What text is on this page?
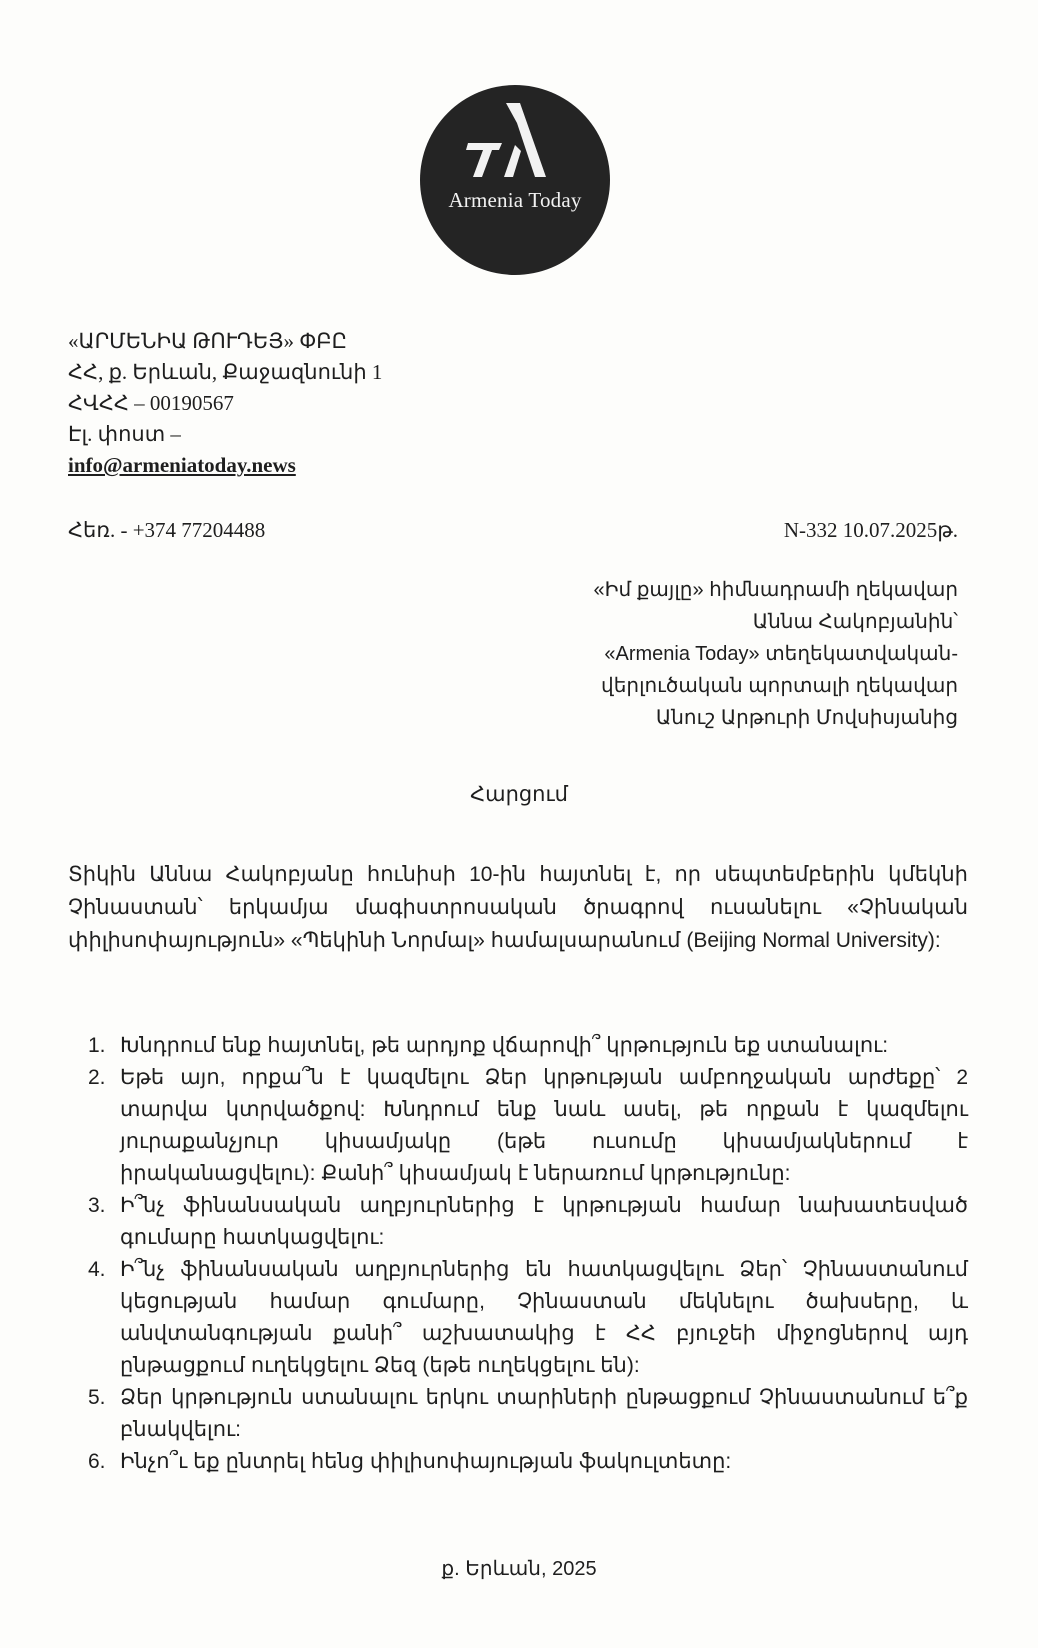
Armenia Today
«ԱՐՄԵՆԻԱ ԹՈՒԴԵՅ» ՓԲԸ
ՀՀ, ք. Երևան, Քաջազնունի 1
ՀՎՀՀ – 00190567
Էլ. փոստ –
info@armeniatoday.news
Հեռ. - +374 77204488	N-332 10.07.2025թ.
«Իմ քայլը» հիմնադրամի ղեկավար
Աննա Հակոբյանին՝
«Armenia Today» տեղեկատվական-
վերլուծական պորտալի ղեկավար
Անուշ Արթուրի Մովսիսյանից
Հարցում
Տիկին Աննա Հակոբյանը հունիսի 10-ին հայտնել է, որ սեպտեմբերին կմեկնի Չինաստան՝ երկամյա մագիստրոսական ծրագրով ուսանելու «Չինական փիլիսոփայություն» «Պեկինի Նորմալ» համալսարանում (Beijing Normal University):
1. Խնդրում ենք հայտնել, թե արդյոք վճարովի՞ կրթություն եք ստանալու:
2. Եթե այո, որքա՞ն է կազմելու Ձեր կրթության ամբողջական արժեքը՝ 2 տարվա կտրվածքով: Խնդրում ենք նաև ասել, թե որքան է կազմելու յուրաքանչյուր կիսամյակը (եթե ուսումը կիսամյակներում է իրականացվելու): Քանի՞ կիսամյակ է ներառում կրթությունը:
3. Ի՞նչ ֆինանսական աղբյուրներից է կրթության համար նախատեսված գումարը հատկացվելու:
4. Ի՞նչ ֆինանսական աղբյուրներից են հատկացվելու Ձեր՝ Չինաստանում կեցության համար գումարը, Չինաստան մեկնելու ծախսերը, և անվտանգության քանի՞ աշխատակից է ՀՀ բյուջեի միջոցներով այդ ընթացքում ուղեկցելու Ձեզ (եթե ուղեկցելու են):
5. Ձեր կրթություն ստանալու երկու տարիների ընթացքում Չինաստանում ե՞ք բնակվելու:
6. Ինչո՞ւ եք ընտրել հենց փիլիսոփայության ֆակուլտետը:
ք. Երևան, 2025
